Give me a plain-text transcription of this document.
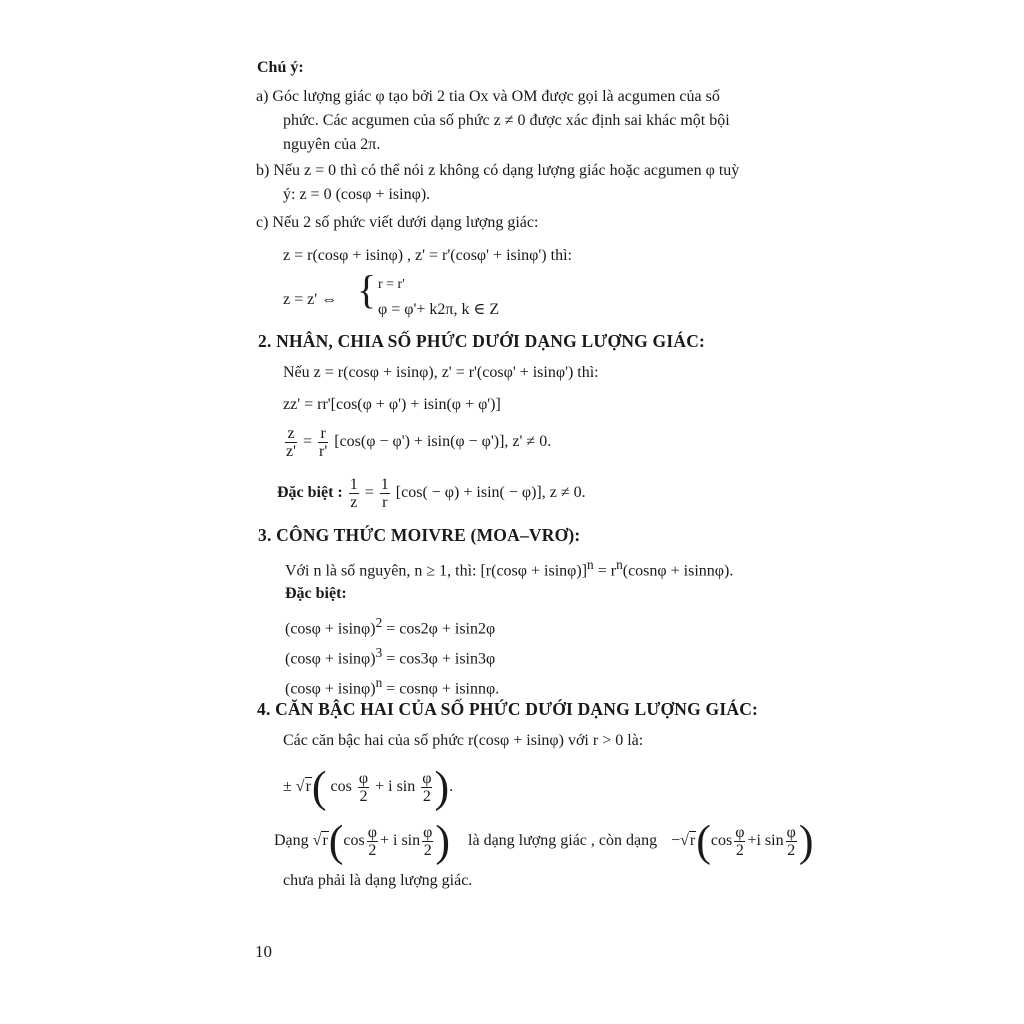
Chú ý:
a) Góc lượng giác φ tạo bởi 2 tia Ox và OM được gọi là acgumen của số
phức. Các acgumen của số phức z ≠ 0 được xác định sai khác một bội
nguyên của 2π.
b) Nếu z = 0 thì có thể nói z không có dạng lượng giác hoặc acgumen φ tuỳ
ý: z = 0 (cosφ + isinφ).
c) Nếu 2 số phức viết dưới dạng lượng giác:
z = r(cosφ + isinφ) , z' = r'(cosφ' + isinφ') thì:
z = z' ⇔ { r = r'
φ = φ'+ k2π, k ∈ Z
2. NHÂN, CHIA SỐ PHỨC DƯỚI DẠNG LƯỢNG GIÁC:
Nếu z = r(cosφ + isinφ), z' = r'(cosφ' + isinφ') thì:
zz' = rr'[cos(φ + φ') + isin(φ + φ')]
$\frac{z}{z'} = \frac{r}{r'} [\cos(\varphi - \varphi') + isin(\varphi - \varphi')]$, z' ≠ 0.
Đặc biệt : $\frac{1}{z} = \frac{1}{r} [\cos( - \varphi) + isin( - \varphi)]$, z ≠ 0.
3. CÔNG THỨC MOIVRE (MOA–VRƠ):
Với n là số nguyên, n ≥ 1, thì: $[r(\cos\varphi + isin\varphi)]^n = r^n(\cos n\varphi + isinn\varphi)$.
Đặc biệt:
$(\cos\varphi + isin\varphi)^2 = \cos 2\varphi + isin2\varphi$
$(\cos\varphi + isin\varphi)^3 = \cos 3\varphi + isin3\varphi$
$(\cos\varphi + isin\varphi)^n = \cos n\varphi + isinn\varphi$.
4. CĂN BẬC HAI CỦA SỐ PHỨC DƯỚI DẠNG LƯỢNG GIÁC:
Các căn bậc hai của số phức r(cosφ + isinφ) với r > 0 là:
± √r( $\cos \frac{\varphi}{2} + i$ $\sin \frac{\varphi}{2}$ ).
Dạng $√r(\cos \frac{\varphi}{2} + i$ $\sin \frac{\varphi}{2}$ ) là dạng lượng giác , còn dạng $-√r(\cos \frac{\varphi}{2} +i$ $\sin \frac{\varphi}{2}$ )
chưa phải là dạng lượng giác.
10
